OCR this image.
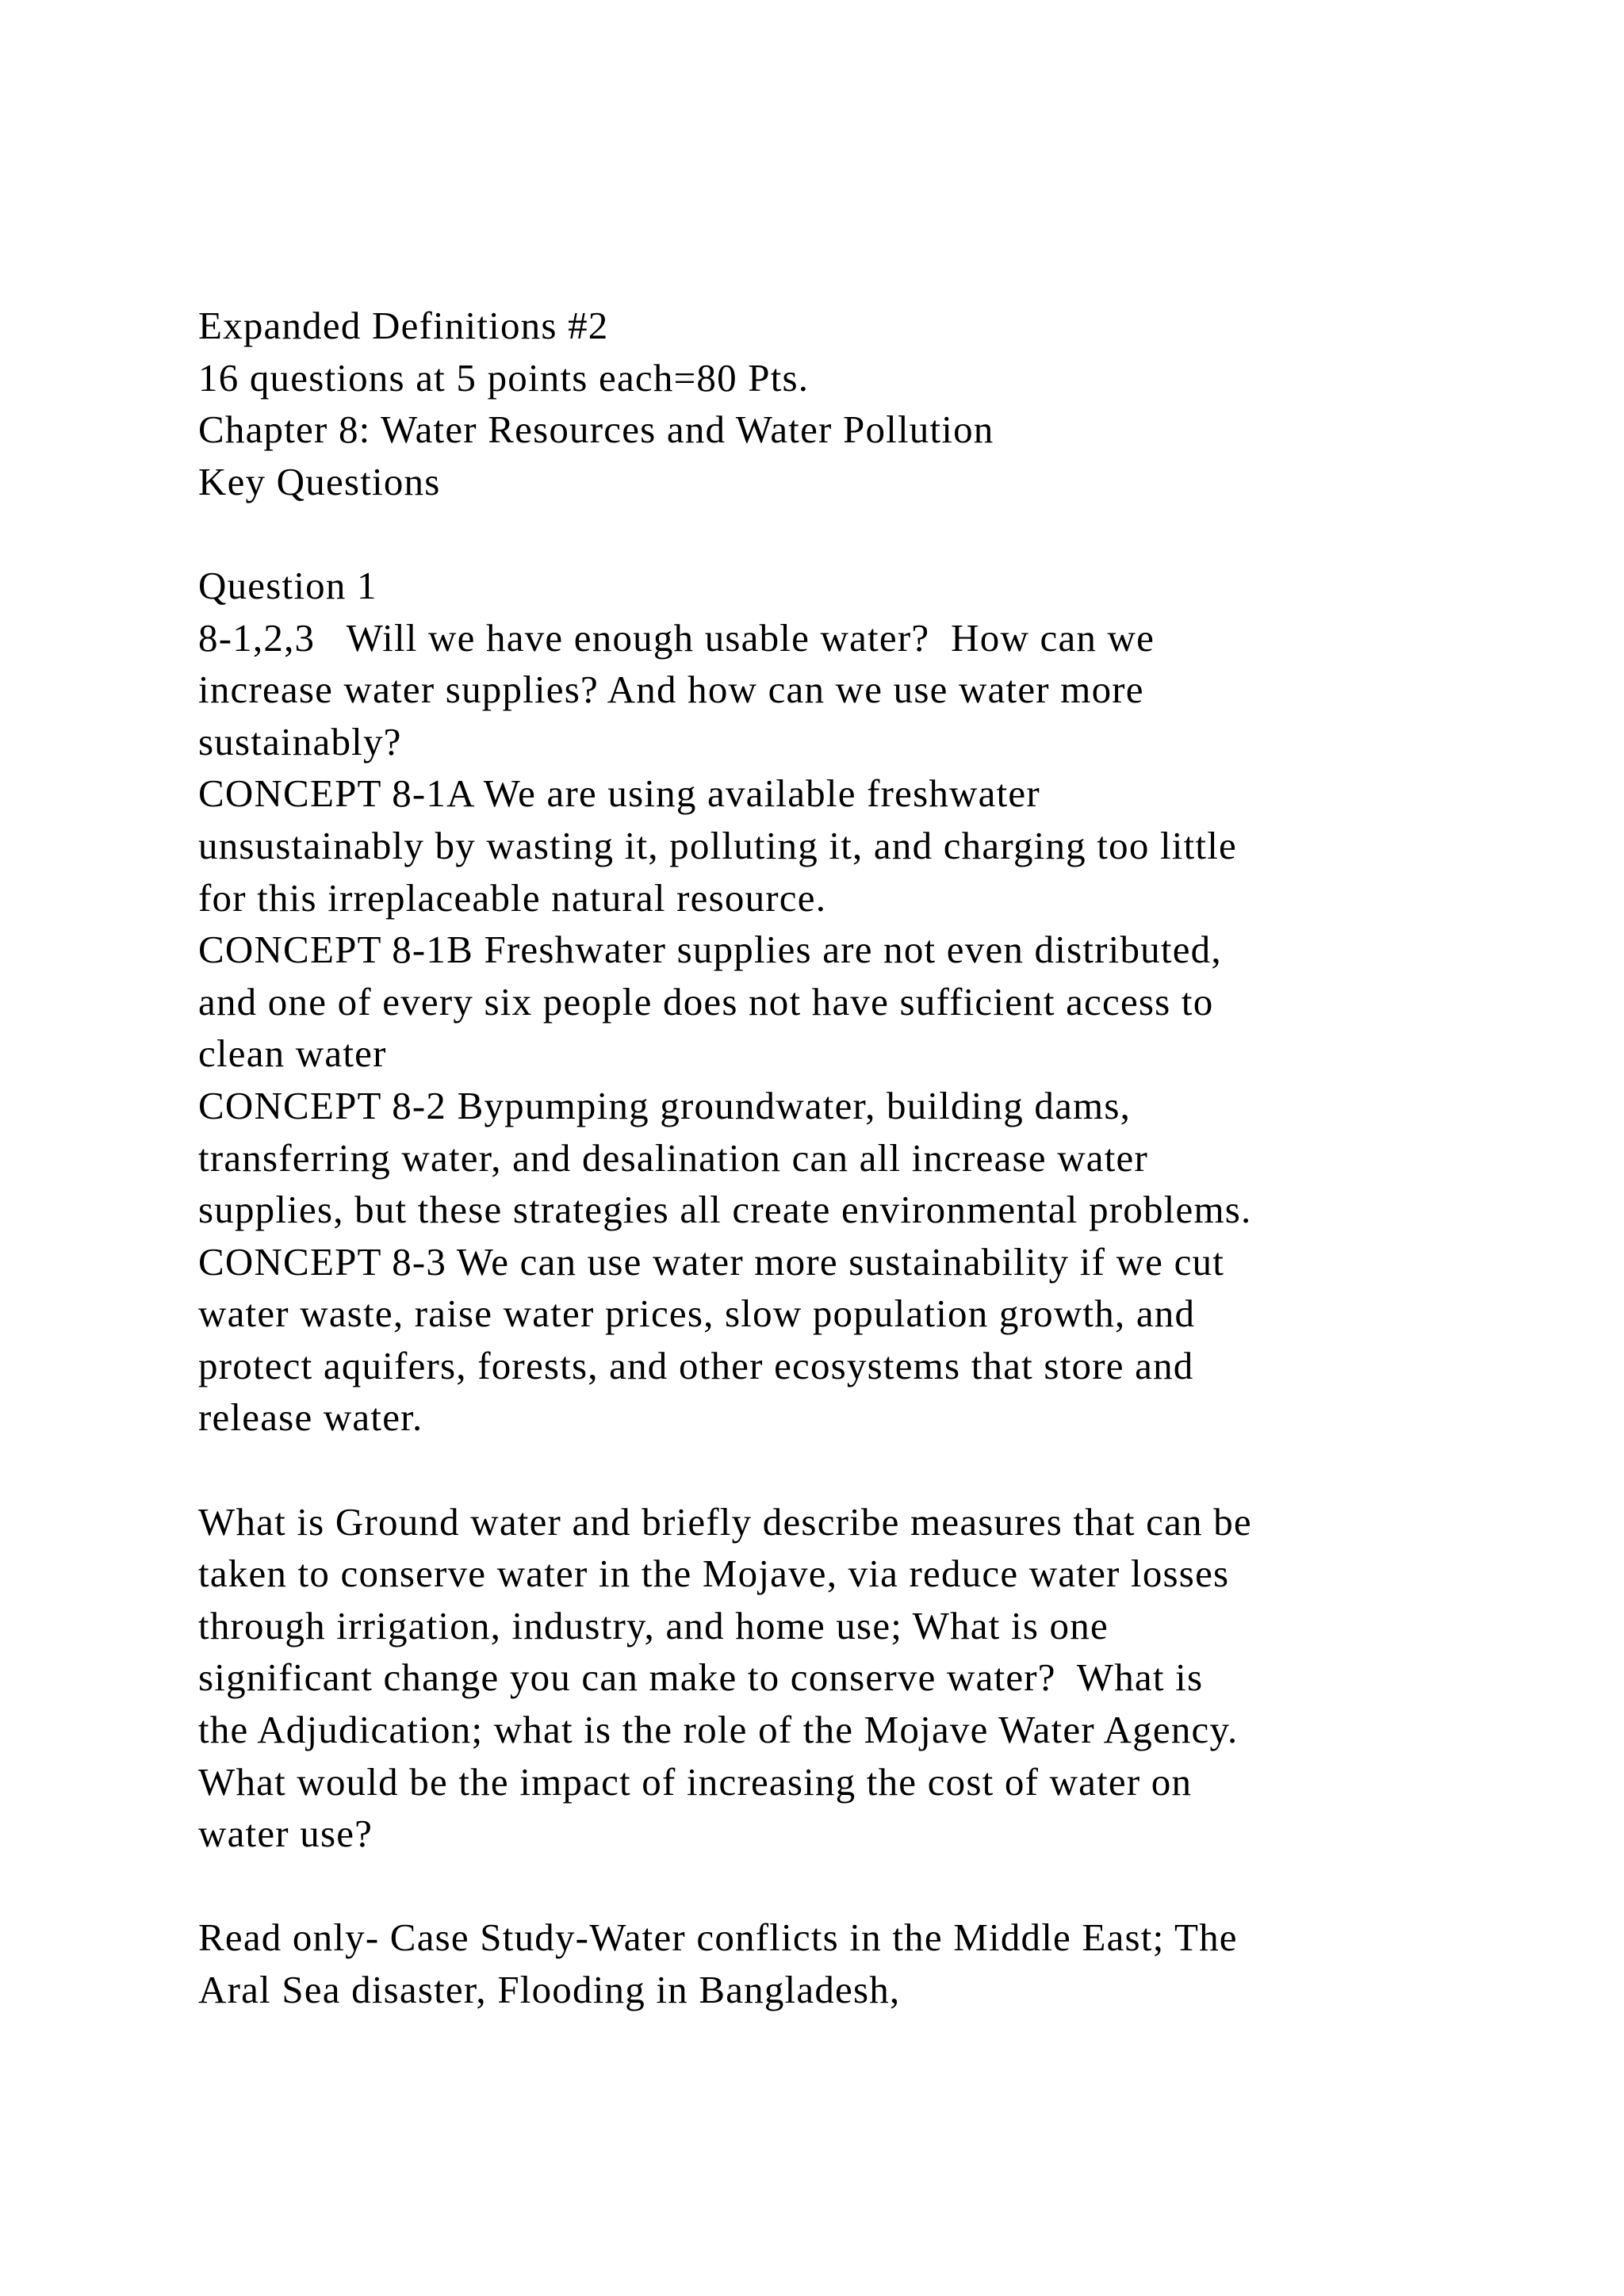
Expanded Definitions #2
16 questions at 5 points each=80 Pts.
Chapter 8: Water Resources and Water Pollution
Key Questions
Question 1
8-1,2,3   Will we have enough usable water?  How can we
increase water supplies? And how can we use water more
sustainably?
CONCEPT 8-1A We are using available freshwater
unsustainably by wasting it, polluting it, and charging too little
for this irreplaceable natural resource.
CONCEPT 8-1B Freshwater supplies are not even distributed,
and one of every six people does not have sufficient access to
clean water
CONCEPT 8-2 Bypumping groundwater, building dams,
transferring water, and desalination can all increase water
supplies, but these strategies all create environmental problems.
CONCEPT 8-3 We can use water more sustainability if we cut
water waste, raise water prices, slow population growth, and
protect aquifers, forests, and other ecosystems that store and
release water.
What is Ground water and briefly describe measures that can be
taken to conserve water in the Mojave, via reduce water losses
through irrigation, industry, and home use; What is one
significant change you can make to conserve water?  What is
the Adjudication; what is the role of the Mojave Water Agency.
What would be the impact of increasing the cost of water on
water use?
Read only- Case Study-Water conflicts in the Middle East; The
Aral Sea disaster, Flooding in Bangladesh,
